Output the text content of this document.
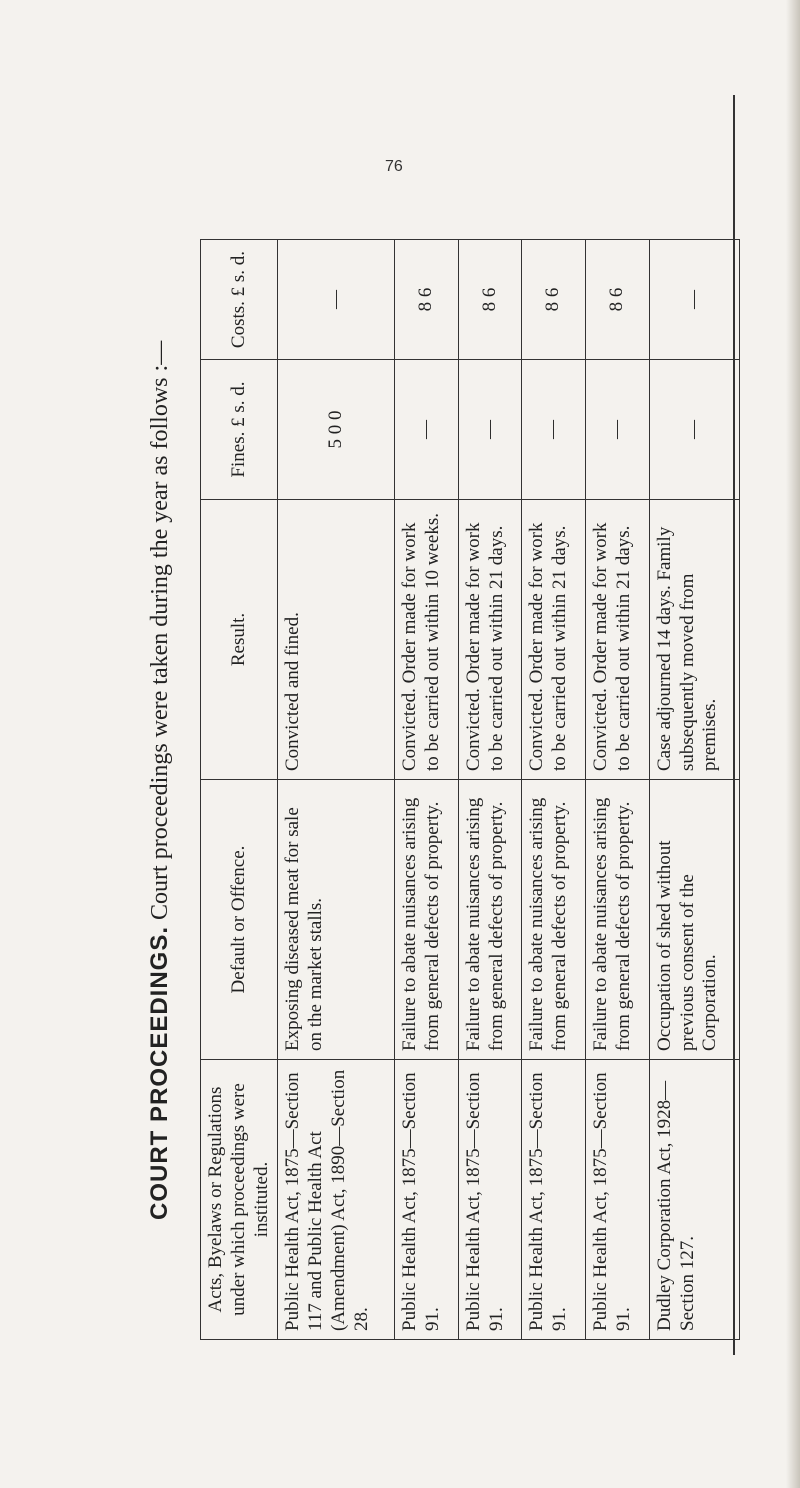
76
COURT PROCEEDINGS. Court proceedings were taken during the year as follows :—
Acts, Byelaws or Regulations under which proceedings were instituted.	Default or Offence.	Result.	Fines. £ s. d.	Costs. £ s. d.
Public Health Act, 1875—Section 117 and Public Health Act (Amendment) Act, 1890—Section 28.	Exposing diseased meat for sale on the market stalls.	Convicted and fined.	5 0 0	—
Public Health Act, 1875—Section 91.	Failure to abate nuisances arising from general defects of property.	Convicted. Order made for work to be carried out within 10 weeks.	—	8 6
Public Health Act, 1875—Section 91.	Failure to abate nuisances arising from general defects of property.	Convicted. Order made for work to be carried out within 21 days.	—	8 6
Public Health Act, 1875—Section 91.	Failure to abate nuisances arising from general defects of property.	Convicted. Order made for work to be carried out within 21 days.	—	8 6
Public Health Act, 1875—Section 91.	Failure to abate nuisances arising from general defects of property.	Convicted. Order made for work to be carried out within 21 days.	—	8 6
Dudley Corporation Act, 1928—Section 127.	Occupation of shed without previous consent of the Corporation.	Case adjourned 14 days. Family subsequently moved from premises.	—	—
